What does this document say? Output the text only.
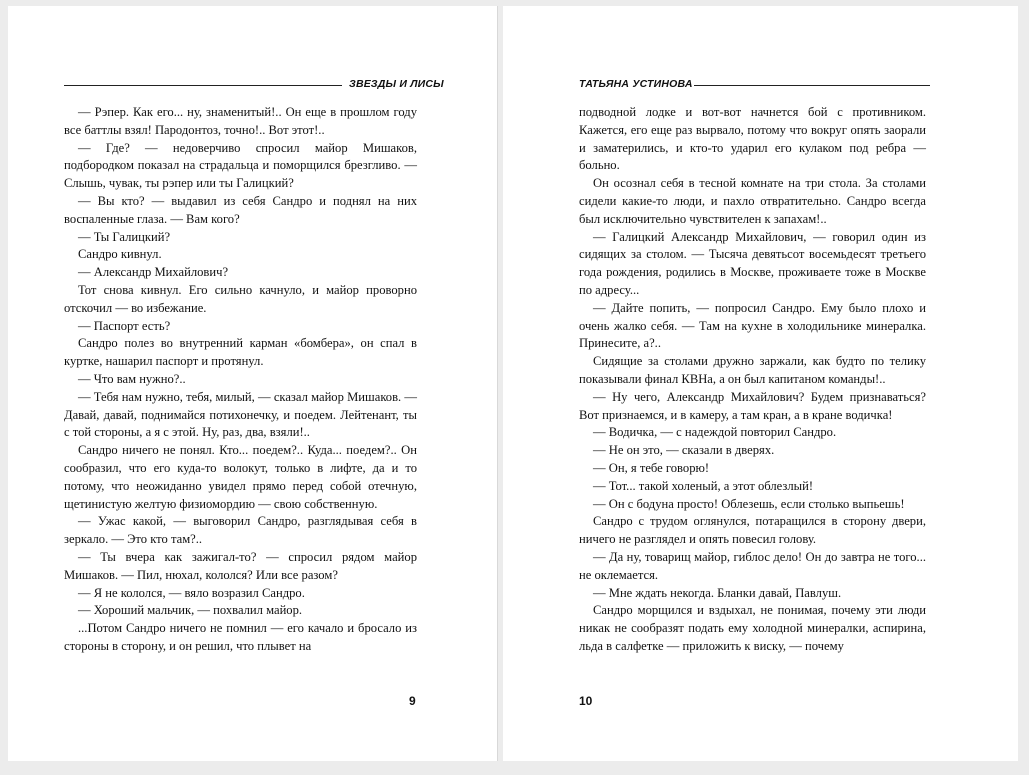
ЗВЕЗДЫ И ЛИСЫ

— Рэпер. Как его... ну, знаменитый!.. Он еще в прошлом году все баттлы взял! Пародонтоз, точно!.. Вот этот!..

— Где? — недоверчиво спросил майор Мишаков, подбородком показал на страдальца и поморщился брезгливо. — Слышь, чувак, ты рэпер или ты Галицкий?

— Вы кто? — выдавил из себя Сандро и поднял на них воспаленные глаза. — Вам кого?

— Ты Галицкий?

Сандро кивнул.

— Александр Михайлович?

Тот снова кивнул. Его сильно качнуло, и майор проворно отскочил — во избежание.

— Паспорт есть?

Сандро полез во внутренний карман «бомбера», он спал в куртке, нашарил паспорт и протянул.

— Что вам нужно?..

— Тебя нам нужно, тебя, милый, — сказал майор Мишаков. — Давай, давай, поднимайся потихонечку, и поедем. Лейтенант, ты с той стороны, а я с этой. Ну, раз, два, взяли!..

Сандро ничего не понял. Кто... поедем?.. Куда... поедем?.. Он сообразил, что его куда-то волокут, только в лифте, да и то потому, что неожиданно увидел прямо перед собой отечную, щетинистую желтую физиомордию — свою собственную.

— Ужас какой, — выговорил Сандро, разглядывая себя в зеркало. — Это кто там?..

— Ты вчера как зажигал-то? — спросил рядом майор Мишаков. — Пил, нюхал, кололся? Или все разом?

— Я не кололся, — вяло возразил Сандро.

— Хороший мальчик, — похвалил майор.

...Потом Сандро ничего не помнил — его качало и бросало из стороны в сторону, и он решил, что плывет на

9
ТАТЬЯНА УСТИНОВА

подводной лодке и вот-вот начнется бой с противником. Кажется, его еще раз вырвало, потому что вокруг опять заорали и заматерились, и кто-то ударил его кулаком под ребра — больно.

Он осознал себя в тесной комнате на три стола. За столами сидели какие-то люди, и пахло отвратительно. Сандро всегда был исключительно чувствителен к запахам!..

— Галицкий Александр Михайлович, — говорил один из сидящих за столом. — Тысяча девятьсот восемьдесят третьего года рождения, родились в Москве, проживаете тоже в Москве по адресу...

— Дайте попить, — попросил Сандро. Ему было плохо и очень жалко себя. — Там на кухне в холодильнике минералка. Принесите, а?..

Сидящие за столами дружно заржали, как будто по телику показывали финал КВНа, а он был капитаном команды!..

— Ну чего, Александр Михайлович? Будем признаваться? Вот признаемся, и в камеру, а там кран, а в кране водичка!

— Водичка, — с надеждой повторил Сандро.

— Не он это, — сказали в дверях.

— Он, я тебе говорю!

— Тот... такой холеный, а этот облезлый!

— Он с бодуна просто! Облезешь, если столько выпьешь!

Сандро с трудом оглянулся, потаращился в сторону двери, ничего не разглядел и опять повесил голову.

— Да ну, товарищ майор, гиблос дело! Он до завтра не того... не оклемается.

— Мне ждать некогда. Бланки давай, Павлуш.

Сандро морщился и вздыхал, не понимая, почему эти люди никак не сообразят подать ему холодной минералки, аспирина, льда в салфетке — приложить к виску, — почему

10
